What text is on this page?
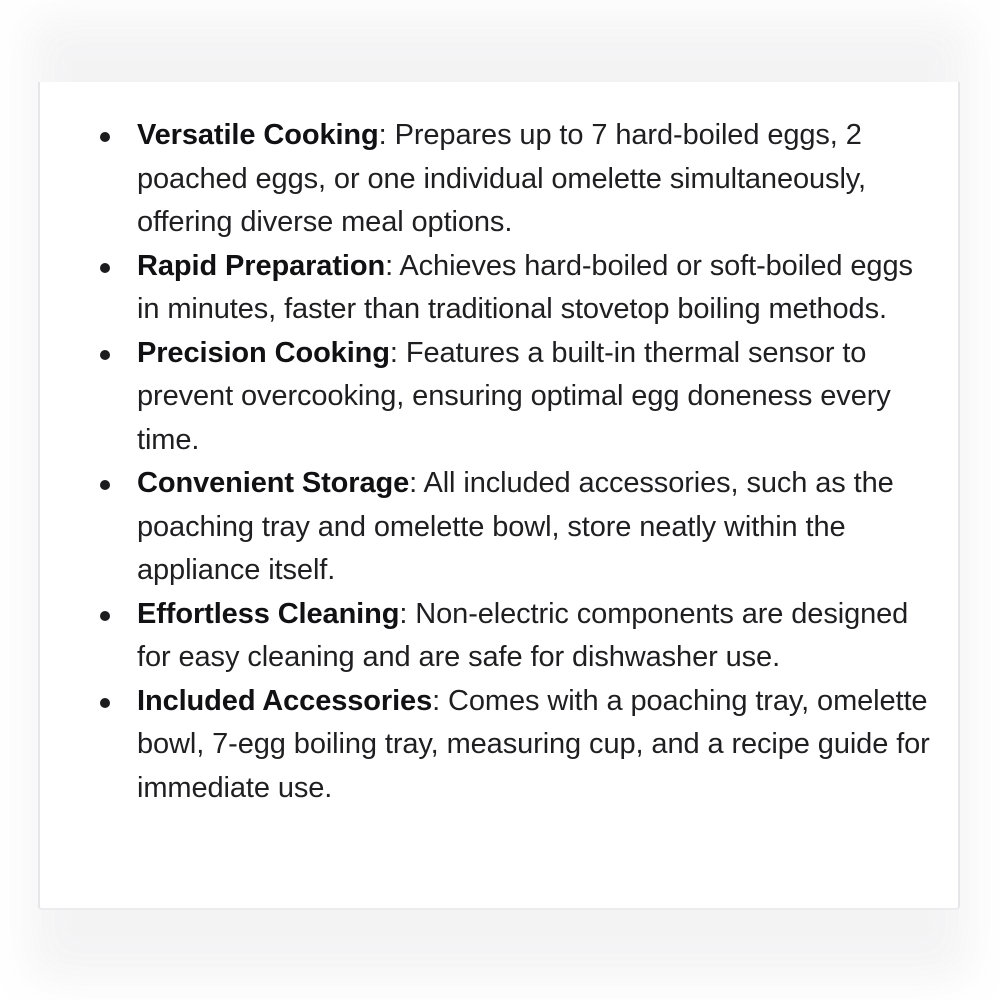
Versatile Cooking: Prepares up to 7 hard-boiled eggs, 2 poached eggs, or one individual omelette simultaneously, offering diverse meal options.
Rapid Preparation: Achieves hard-boiled or soft-boiled eggs in minutes, faster than traditional stovetop boiling methods.
Precision Cooking: Features a built-in thermal sensor to prevent overcooking, ensuring optimal egg doneness every time.
Convenient Storage: All included accessories, such as the poaching tray and omelette bowl, store neatly within the appliance itself.
Effortless Cleaning: Non-electric components are designed for easy cleaning and are safe for dishwasher use.
Included Accessories: Comes with a poaching tray, omelette bowl, 7-egg boiling tray, measuring cup, and a recipe guide for immediate use.
